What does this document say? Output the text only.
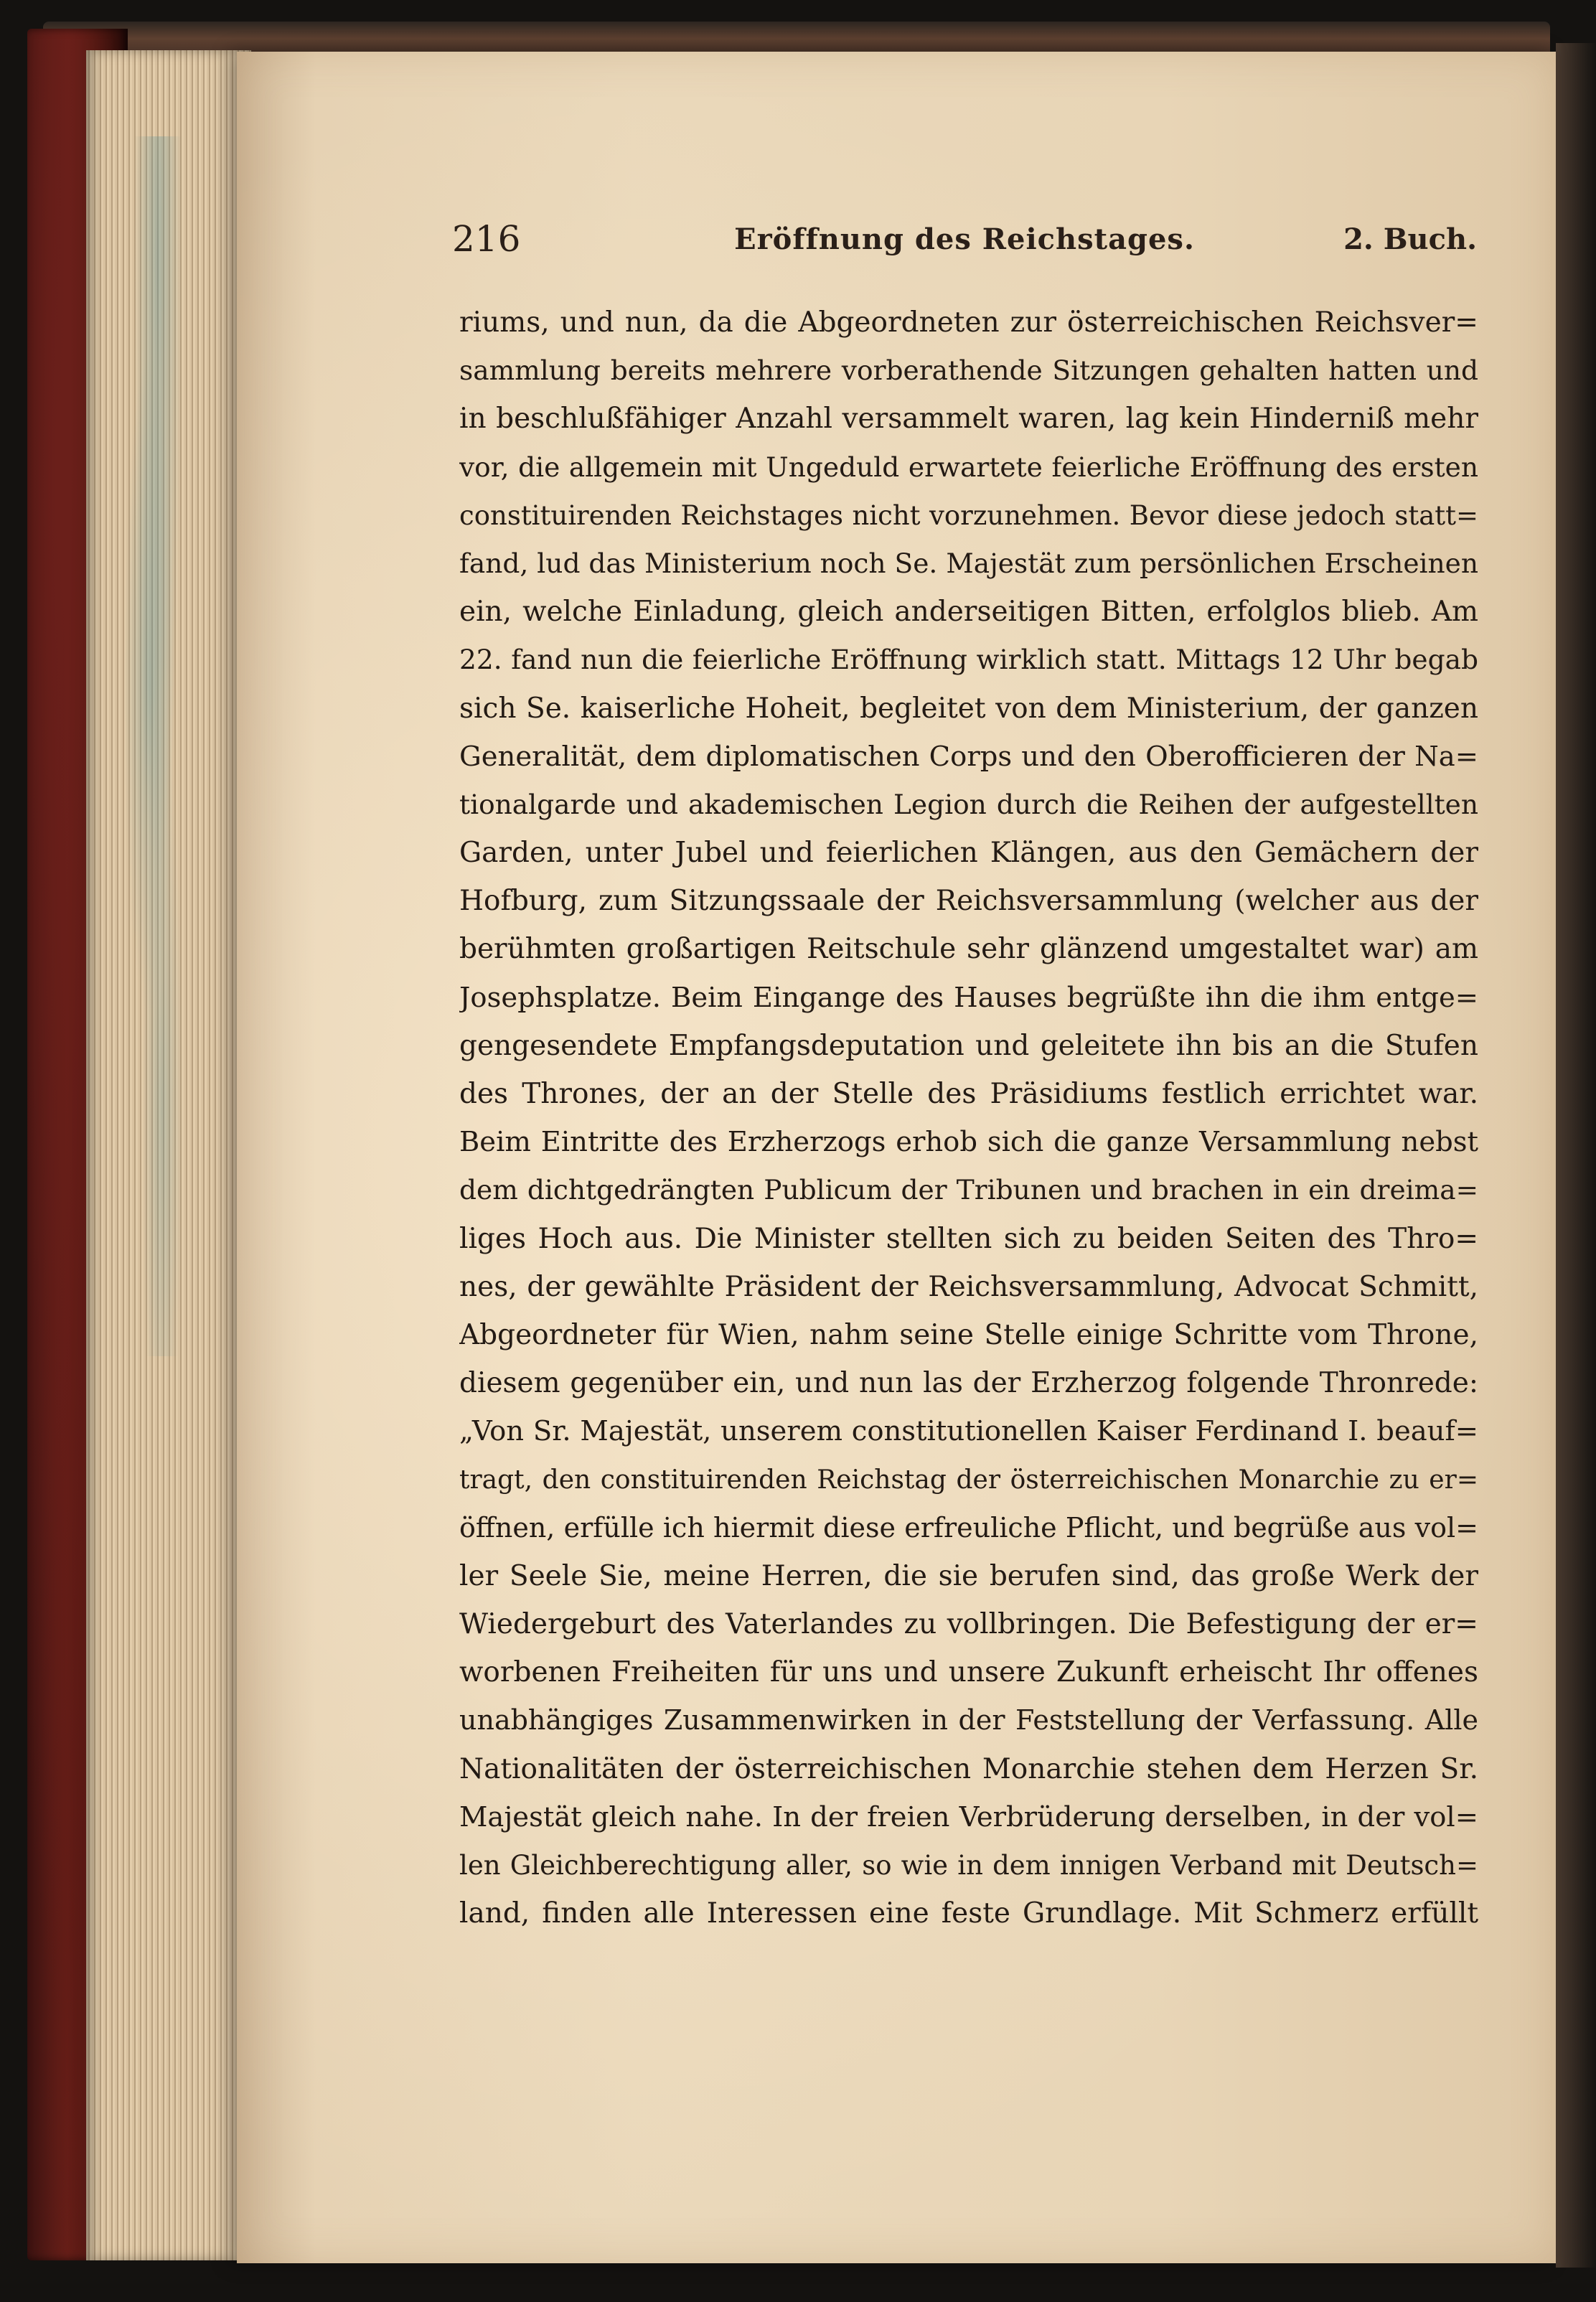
216	Eröffnung des Reichstages.	2. Buch.
riums, und nun, da die Abgeordneten zur österreichischen Reichsver=
sammlung bereits mehrere vorberathende Sitzungen gehalten hatten und
in beschlußfähiger Anzahl versammelt waren, lag kein Hinderniß mehr
vor, die allgemein mit Ungeduld erwartete feierliche Eröffnung des ersten
constituirenden Reichstages nicht vorzunehmen. Bevor diese jedoch statt=
fand, lud das Ministerium noch Se. Majestät zum persönlichen Erscheinen
ein, welche Einladung, gleich anderseitigen Bitten, erfolglos blieb. Am
22. fand nun die feierliche Eröffnung wirklich statt. Mittags 12 Uhr begab
sich Se. kaiserliche Hoheit, begleitet von dem Ministerium, der ganzen
Generalität, dem diplomatischen Corps und den Oberofficieren der Na=
tionalgarde und akademischen Legion durch die Reihen der aufgestellten
Garden, unter Jubel und feierlichen Klängen, aus den Gemächern der
Hofburg, zum Sitzungssaale der Reichsversammlung (welcher aus der
berühmten großartigen Reitschule sehr glänzend umgestaltet war) am
Josephsplatze. Beim Eingange des Hauses begrüßte ihn die ihm entge=
gengesendete Empfangsdeputation und geleitete ihn bis an die Stufen
des Thrones, der an der Stelle des Präsidiums festlich errichtet war.
Beim Eintritte des Erzherzogs erhob sich die ganze Versammlung nebst
dem dichtgedrängten Publicum der Tribunen und brachen in ein dreima=
liges Hoch aus. Die Minister stellten sich zu beiden Seiten des Thro=
nes, der gewählte Präsident der Reichsversammlung, Advocat Schmitt,
Abgeordneter für Wien, nahm seine Stelle einige Schritte vom Throne,
diesem gegenüber ein, und nun las der Erzherzog folgende Thronrede:
„Von Sr. Majestät, unserem constitutionellen Kaiser Ferdinand I. beauf=
tragt, den constituirenden Reichstag der österreichischen Monarchie zu er=
öffnen, erfülle ich hiermit diese erfreuliche Pflicht, und begrüße aus vol=
ler Seele Sie, meine Herren, die sie berufen sind, das große Werk der
Wiedergeburt des Vaterlandes zu vollbringen. Die Befestigung der er=
worbenen Freiheiten für uns und unsere Zukunft erheischt Ihr offenes
unabhängiges Zusammenwirken in der Feststellung der Verfassung. Alle
Nationalitäten der österreichischen Monarchie stehen dem Herzen Sr.
Majestät gleich nahe. In der freien Verbrüderung derselben, in der vol=
len Gleichberechtigung aller, so wie in dem innigen Verband mit Deutsch=
land, finden alle Interessen eine feste Grundlage. Mit Schmerz erfüllt
